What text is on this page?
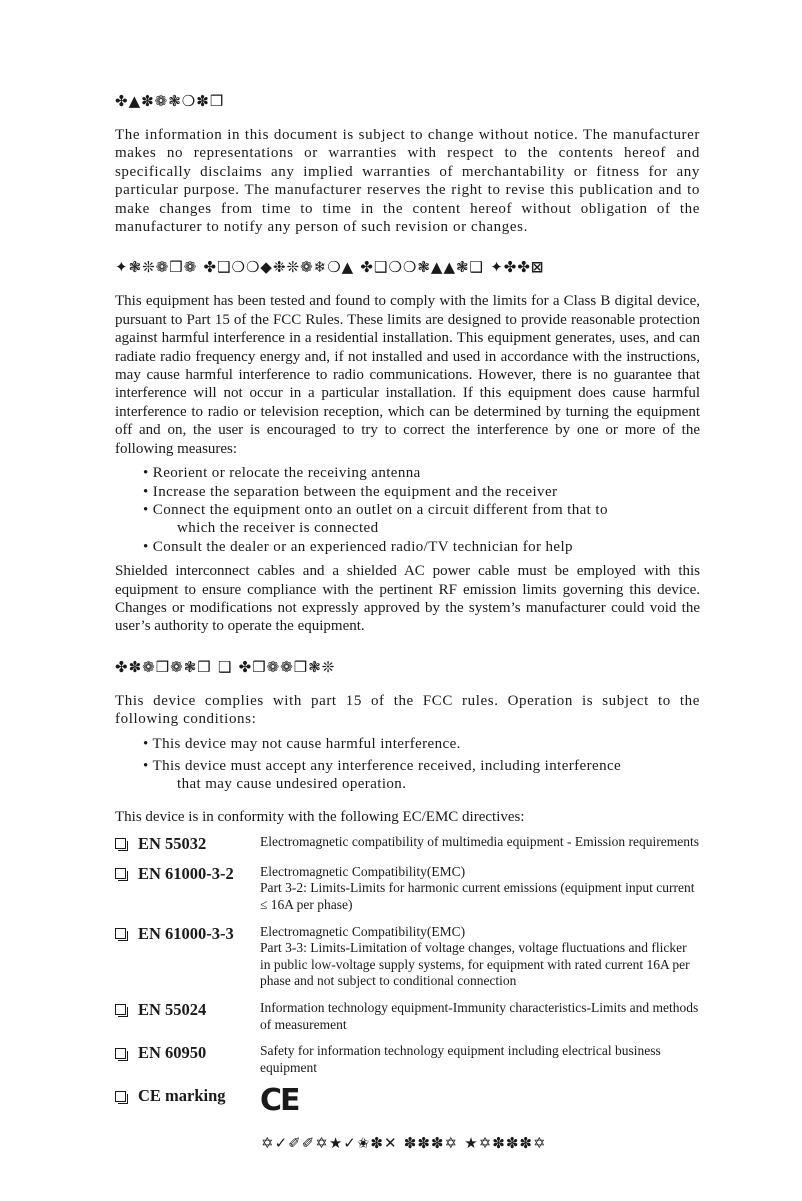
✤▲✽❁❃❍✽❒

The information in this document is subject to change without notice. The manufacturer makes no representations or warranties with respect to the contents hereof and specifically disclaims any implied warranties of merchantability or fitness for any particular purpose. The manufacturer reserves the right to revise this publication and to make changes from time to time in the content hereof without obligation of the manufacturer to notify any person of such revision or changes.

✦❃❊❁❒❁ ✤❑❍❍◆❉❊❁❄❍▲ ✤❑❍❍❃▲▲❃❑ ✦✤✤⊠

This equipment has been tested and found to comply with the limits for a Class B digital device, pursuant to Part 15 of the FCC Rules. These limits are designed to provide reasonable protection against harmful interference in a residential installation. This equipment generates, uses, and can radiate radio frequency energy and, if not installed and used in accordance with the instructions, may cause harmful interference to radio communications. However, there is no guarantee that interference will not occur in a particular installation. If this equipment does cause harmful interference to radio or television reception, which can be determined by turning the equipment off and on, the user is encouraged to try to correct the interference by one or more of the following measures:

• Reorient or relocate the receiving antenna
• Increase the separation between the equipment and the receiver
• Connect the equipment onto an outlet on a circuit different from that to
which the receiver is connected
• Consult the dealer or an experienced radio/TV technician for help

Shielded interconnect cables and a shielded AC power cable must be employed with this equipment to ensure compliance with the pertinent RF emission limits governing this device. Changes or modifications not expressly approved by the system’s manufacturer could void the user’s authority to operate the equipment.

✤✽❁❒❁❃❒ ❑ ✤❒❁❁❒❃❊

This device complies with part 15 of the FCC rules. Operation is subject to the following conditions:

• This device may not cause harmful interference.
• This device must accept any interference received, including interference
that may cause undesired operation.
This device is in conformity with the following EC/EMC directives:
EN 55032	Electromagnetic compatibility of multimedia equipment - Emission requirements
EN 61000-3-2 Electromagnetic Compatibility(EMC)
Part 3-2: Limits-Limits for harmonic current emissions (equipment input current ≤ 16A per phase)
EN 61000-3-3 Electromagnetic Compatibility(EMC)
Part 3-3: Limits-Limitation of voltage changes, voltage fluctuations and flicker in public low-voltage supply systems, for equipment with rated current 16A per phase and not subject to conditional connection
EN 55024	Information technology equipment-Immunity characteristics-Limits and methods of measurement
EN 60950	Safety for information technology equipment including electrical business equipment
CE marking CE
✡✓✐✐✡★✓✬✽✕ ✽✽✽✡ ★✡✽✽✽✡
